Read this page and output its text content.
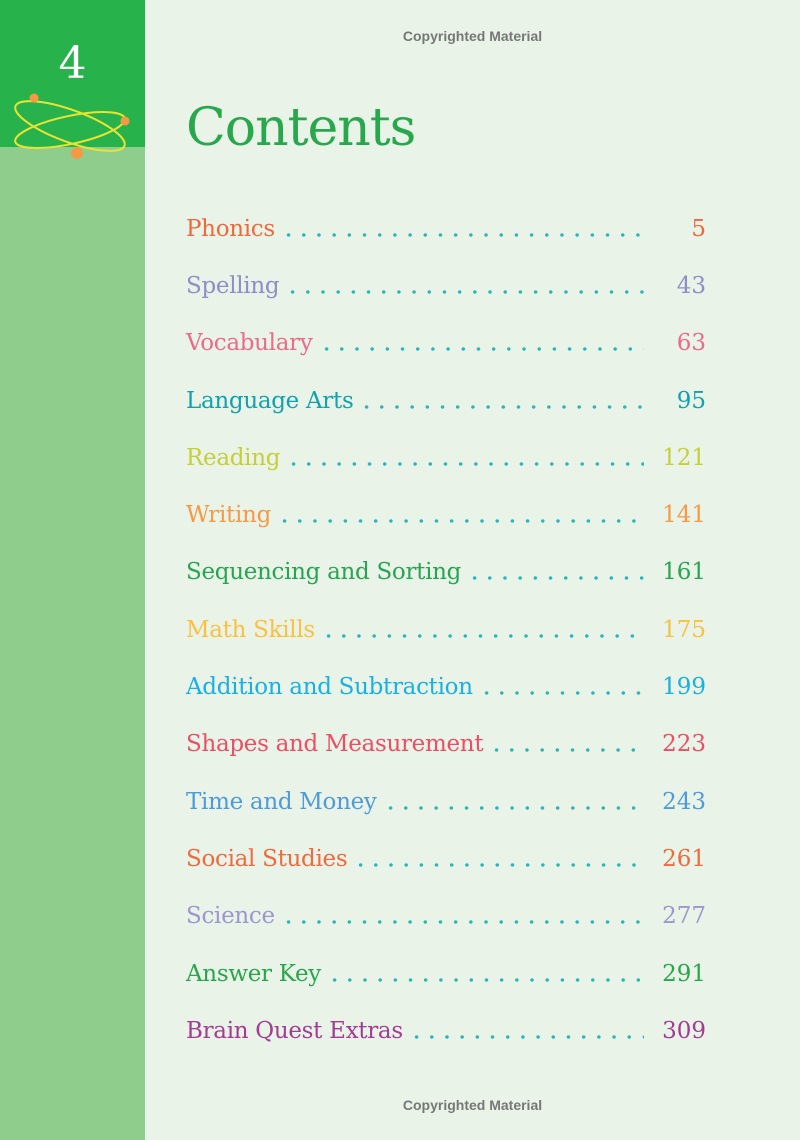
4
Copyrighted Material
Contents
Phonics	5
Spelling	43
Vocabulary	63
Language Arts	95
Reading	121
Writing	141
Sequencing and Sorting	161
Math Skills	175
Addition and Subtraction	199
Shapes and Measurement	223
Time and Money	243
Social Studies	261
Science	277
Answer Key	291
Brain Quest Extras	309
Copyrighted Material
